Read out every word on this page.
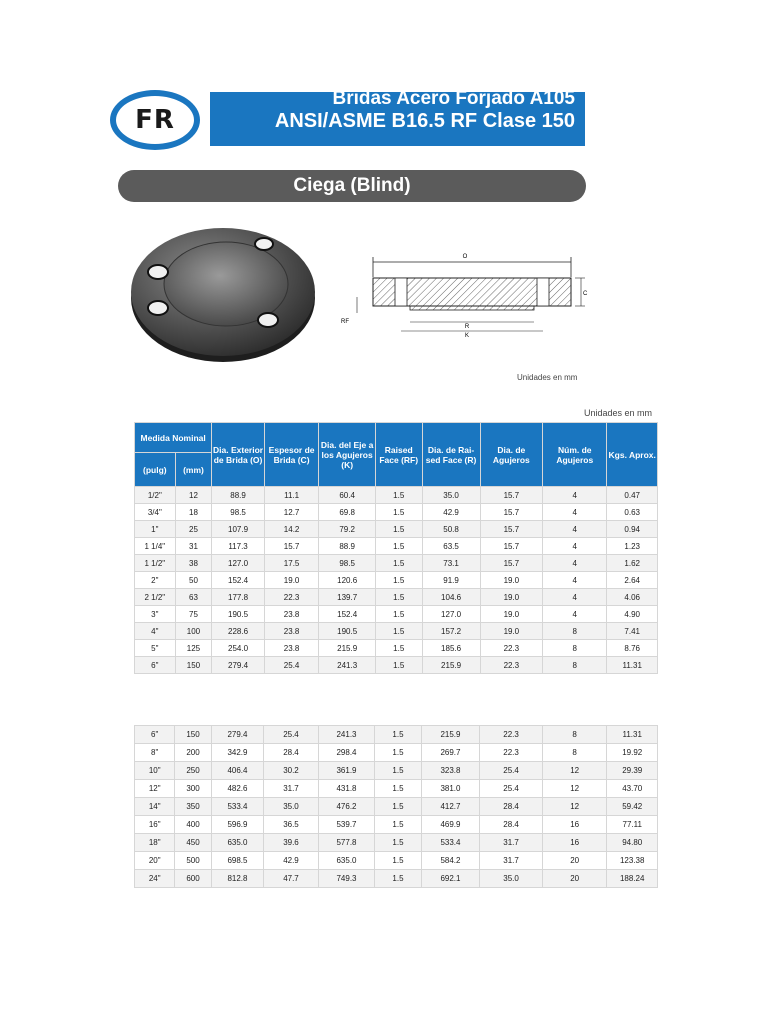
FR
Bridas Acero Forjado A105
ANSI/ASME B16.5 RF Clase 150
Ciega (Blind)
O
C
RF
R
K
Unidades en mm
Unidades en mm
Medida Nominal		Dia. Exterior de Brida (O)	Espesor de Brida (C)	Dia. del Eje a los Agujeros (K)	Raised Face (RF)	Dia. de Rai- sed Face (R)	Dia. de Agujeros	Núm. de Agujeros	Kgs. Aprox.
(pulg)	(mm)								
1/2"	12	88.9	11.1	60.4	1.5	35.0	15.7	4	0.47
3/4"	18	98.5	12.7	69.8	1.5	42.9	15.7	4	0.63
1"	25	107.9	14.2	79.2	1.5	50.8	15.7	4	0.94
1 1/4"	31	117.3	15.7	88.9	1.5	63.5	15.7	4	1.23
1 1/2"	38	127.0	17.5	98.5	1.5	73.1	15.7	4	1.62
2"	50	152.4	19.0	120.6	1.5	91.9	19.0	4	2.64
2 1/2"	63	177.8	22.3	139.7	1.5	104.6	19.0	4	4.06
3"	75	190.5	23.8	152.4	1.5	127.0	19.0	4	4.90
4"	100	228.6	23.8	190.5	1.5	157.2	19.0	8	7.41
5"	125	254.0	23.8	215.9	1.5	185.6	22.3	8	8.76
6"	150	279.4	25.4	241.3	1.5	215.9	22.3	8	11.31
6"	150	279.4	25.4	241.3	1.5	215.9	22.3	8	11.31
8"	200	342.9	28.4	298.4	1.5	269.7	22.3	8	19.92
10"	250	406.4	30.2	361.9	1.5	323.8	25.4	12	29.39
12"	300	482.6	31.7	431.8	1.5	381.0	25.4	12	43.70
14"	350	533.4	35.0	476.2	1.5	412.7	28.4	12	59.42
16"	400	596.9	36.5	539.7	1.5	469.9	28.4	16	77.11
18"	450	635.0	39.6	577.8	1.5	533.4	31.7	16	94.80
20"	500	698.5	42.9	635.0	1.5	584.2	31.7	20	123.38
24"	600	812.8	47.7	749.3	1.5	692.1	35.0	20	188.24
